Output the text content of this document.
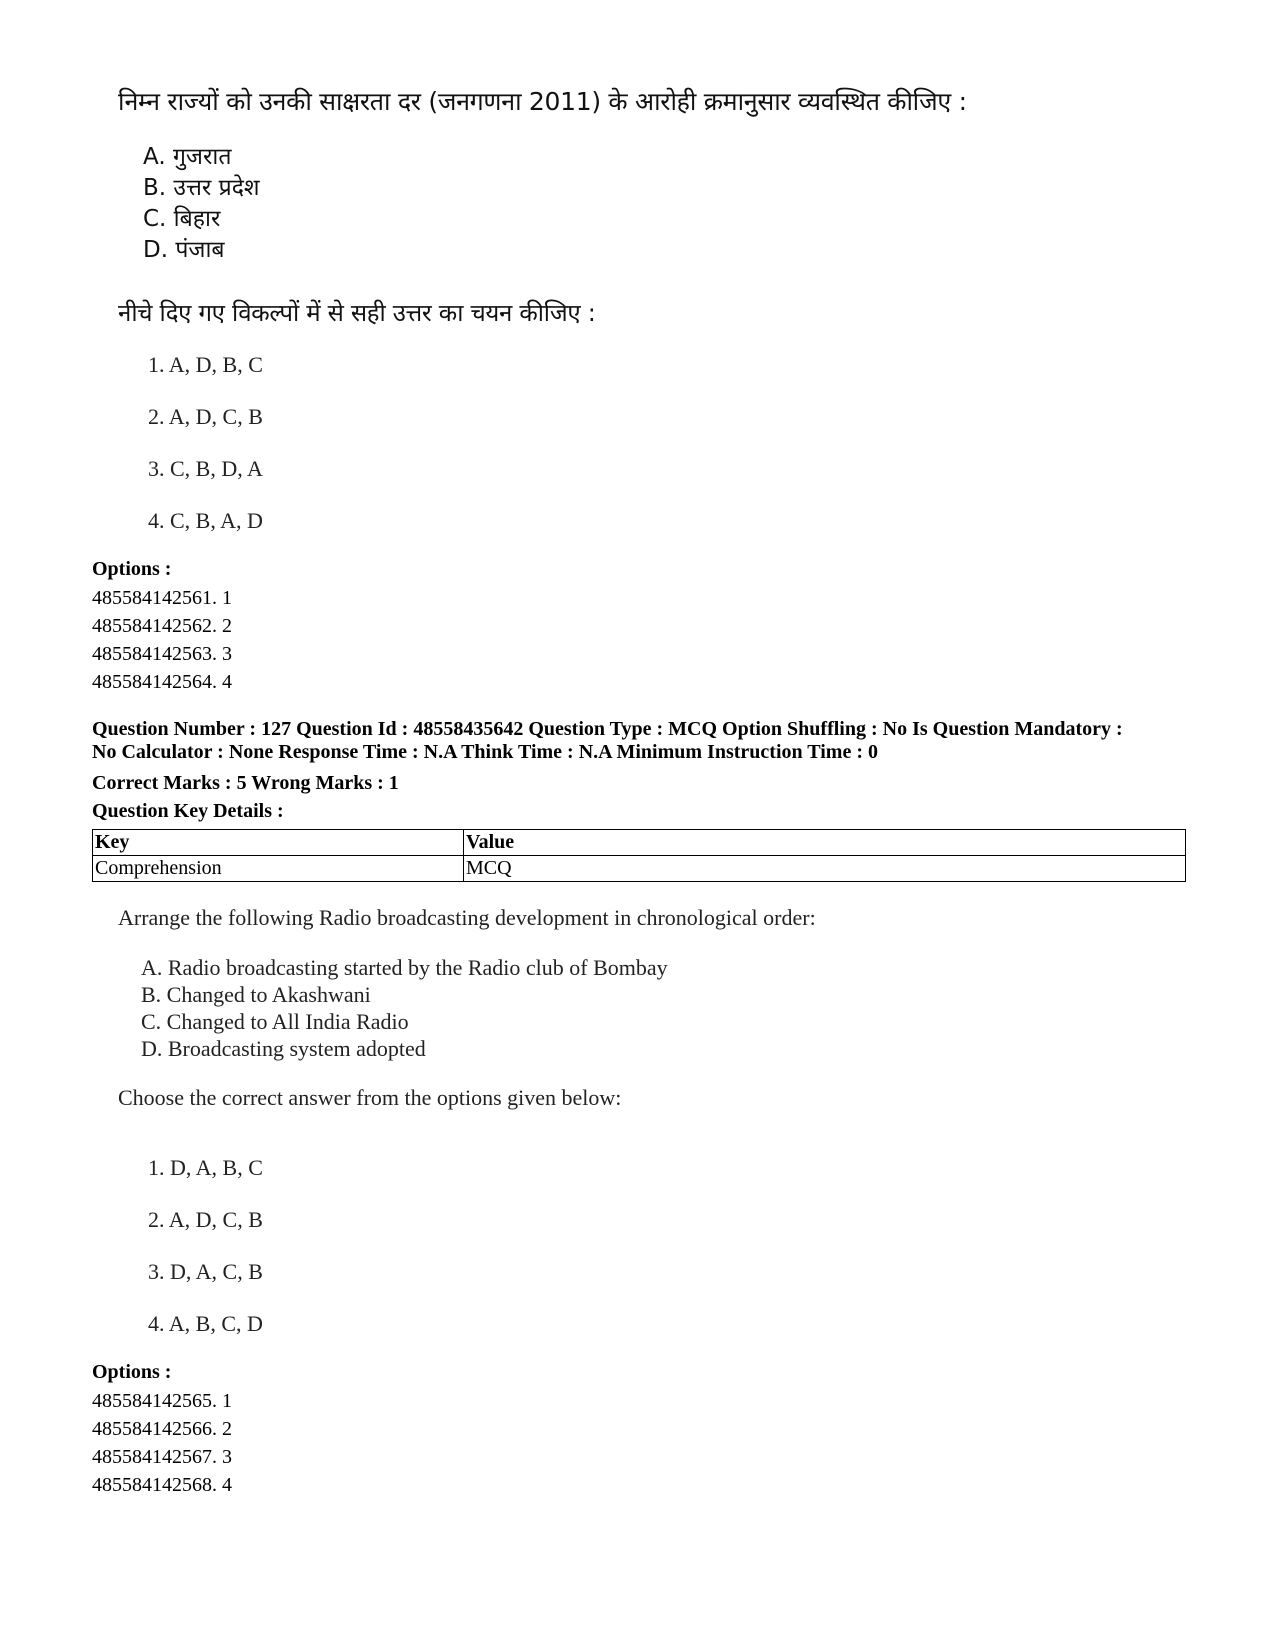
निम्न राज्यों को उनकी साक्षरता दर (जनगणना 2011) के आरोही क्रमानुसार व्यवस्थित कीजिए :
A. गुजरात
B. उत्तर प्रदेश
C. बिहार
D. पंजाब
नीचे दिए गए विकल्पों में से सही उत्तर का चयन कीजिए :
1. A, D, B, C
2. A, D, C, B
3. C, B, D, A
4. C, B, A, D
Options :
485584142561. 1
485584142562. 2
485584142563. 3
485584142564. 4
Question Number : 127 Question Id : 48558435642 Question Type : MCQ Option Shuffling : No Is Question Mandatory :
No Calculator : None Response Time : N.A Think Time : N.A Minimum Instruction Time : 0
Correct Marks : 5 Wrong Marks : 1
Question Key Details :
Key	Value
Comprehension	MCQ
Arrange the following Radio broadcasting development in chronological order:
A. Radio broadcasting started by the Radio club of Bombay
B. Changed to Akashwani
C. Changed to All India Radio
D. Broadcasting system adopted
Choose the correct answer from the options given below:
1. D, A, B, C
2. A, D, C, B
3. D, A, C, B
4. A, B, C, D
Options :
485584142565. 1
485584142566. 2
485584142567. 3
485584142568. 4
